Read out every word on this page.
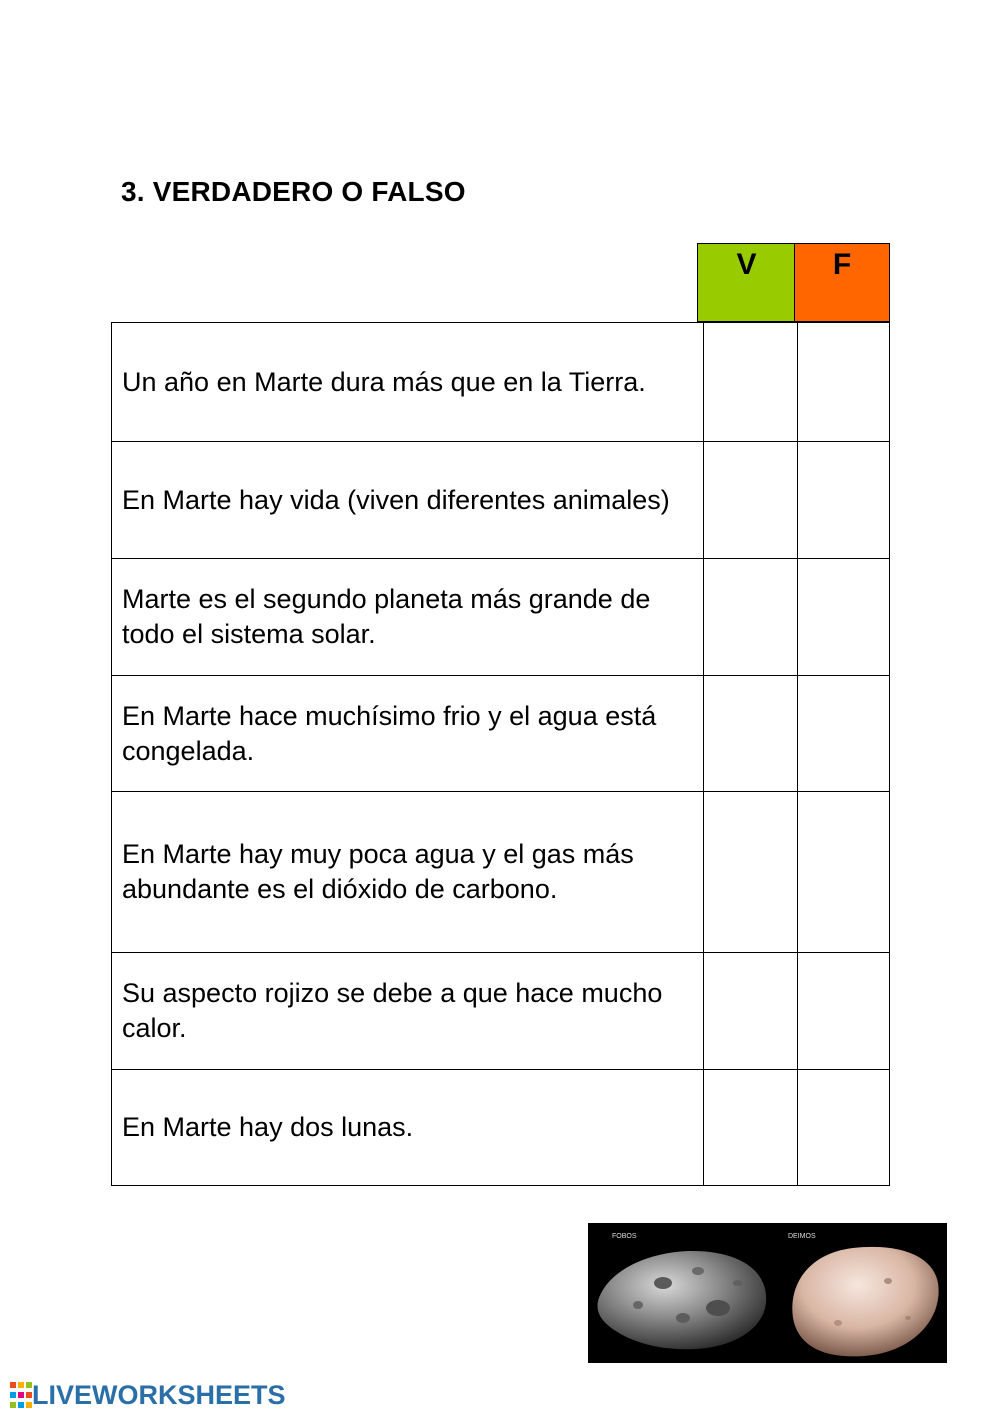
3. VERDADERO O FALSO
V	F
Un año en Marte dura más que en la Tierra.		
En Marte hay vida (viven diferentes animales)		
Marte es el segundo planeta más grande de todo el sistema solar.		
En Marte hace muchísimo frio y el agua está congelada.		
En Marte hay muy poca agua y el gas más abundante es el dióxido de carbono.		
Su aspecto rojizo se debe a que hace mucho calor.		
En Marte hay dos lunas.		
FOBOS	DEIMOS
LIVEWORKSHEETS
